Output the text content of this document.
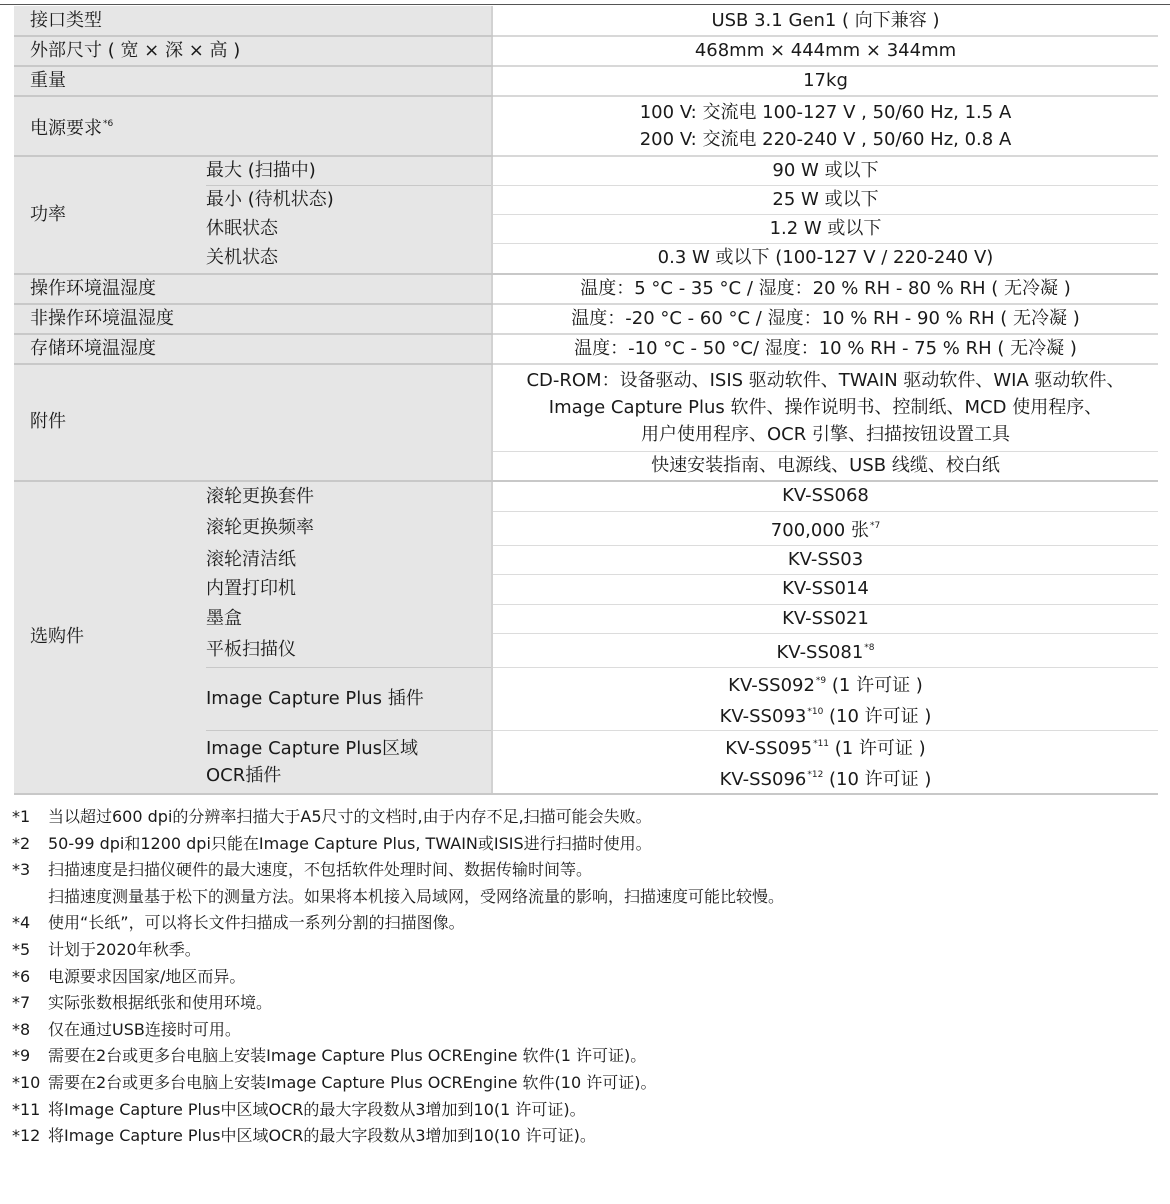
接口类型		USB 3.1 Gen1 ( 向下兼容 )
外部尺寸 ( 宽 × 深 × 高 )		468mm × 444mm × 344mm
重量		17kg
电源要求$^{*6}$		100 V: 交流电 100-127 V , 50/60 Hz, 1.5 A
200 V: 交流电 220-240 V , 50/60 Hz, 0.8 A

功率	最大 (扫描中)	90 W 或以下
	最小 (待机状态)	25 W 或以下
	休眠状态	1.2 W 或以下
	关机状态	0.3 W 或以下 (100-127 V / 220-240 V)
操作环境温湿度		温度：5 °C - 35 °C / 湿度：20 % RH - 80 % RH ( 无冷凝 )
非操作环境温湿度		温度：-20 °C - 60 °C / 湿度：10 % RH - 90 % RH ( 无冷凝 )
存储环境温湿度		温度：-10 °C - 50 °C/ 湿度：10 % RH - 75 % RH ( 无冷凝 )
附件		CD-ROM：设备驱动、ISIS 驱动软件、TWAIN 驱动软件、WIA 驱动软件、
Image Capture Plus 软件、操作说明书、控制纸、MCD 使用程序、
用户使用程序、OCR 引擎、扫描按钮设置工具

		快速安装指南、电源线、USB 线缆、校白纸
选购件	滚轮更换套件	KV-SS068
	滚轮更换频率	700,000 张$^{*7}$
	滚轮清洁纸	KV-SS03
	内置打印机	KV-SS014
	墨盒	KV-SS021
	平板扫描仪	KV-SS081$^{*8}$
	Image Capture Plus 插件	KV-SS092$^{*9}$ (1 许可证 )
KV-SS093$^{*10}$ (10 许可证 )

	Image Capture Plus区域
OCR插件	KV-SS095$^{*11}$ (1 许可证 )
KV-SS096$^{*12}$ (10 许可证 )
*1	当以超过600 dpi的分辨率扫描大于A5尺寸的文档时,由于内存不足,扫描可能会失败。
*2	50-99 dpi和1200 dpi只能在Image Capture Plus, TWAIN或ISIS进行扫描时使用。
*3	扫描速度是扫描仪硬件的最大速度，不包括软件处理时间、数据传输时间等。
扫描速度测量基于松下的测量方法。如果将本机接入局域网，受网络流量的影响，扫描速度可能比较慢。
*4	使用“长纸”，可以将长文件扫描成一系列分割的扫描图像。
*5	计划于2020年秋季。
*6	电源要求因国家/地区而异。
*7	实际张数根据纸张和使用环境。
*8	仅在通过USB连接时可用。
*9	需要在2台或更多台电脑上安装Image Capture Plus OCREngine 软件(1 许可证)。
*10 需要在2台或更多台电脑上安装Image Capture Plus OCREngine 软件(10 许可证)。
*11 将Image Capture Plus中区域OCR的最大字段数从3增加到10(1 许可证)。
*12 将Image Capture Plus中区域OCR的最大字段数从3增加到10(10 许可证)。
